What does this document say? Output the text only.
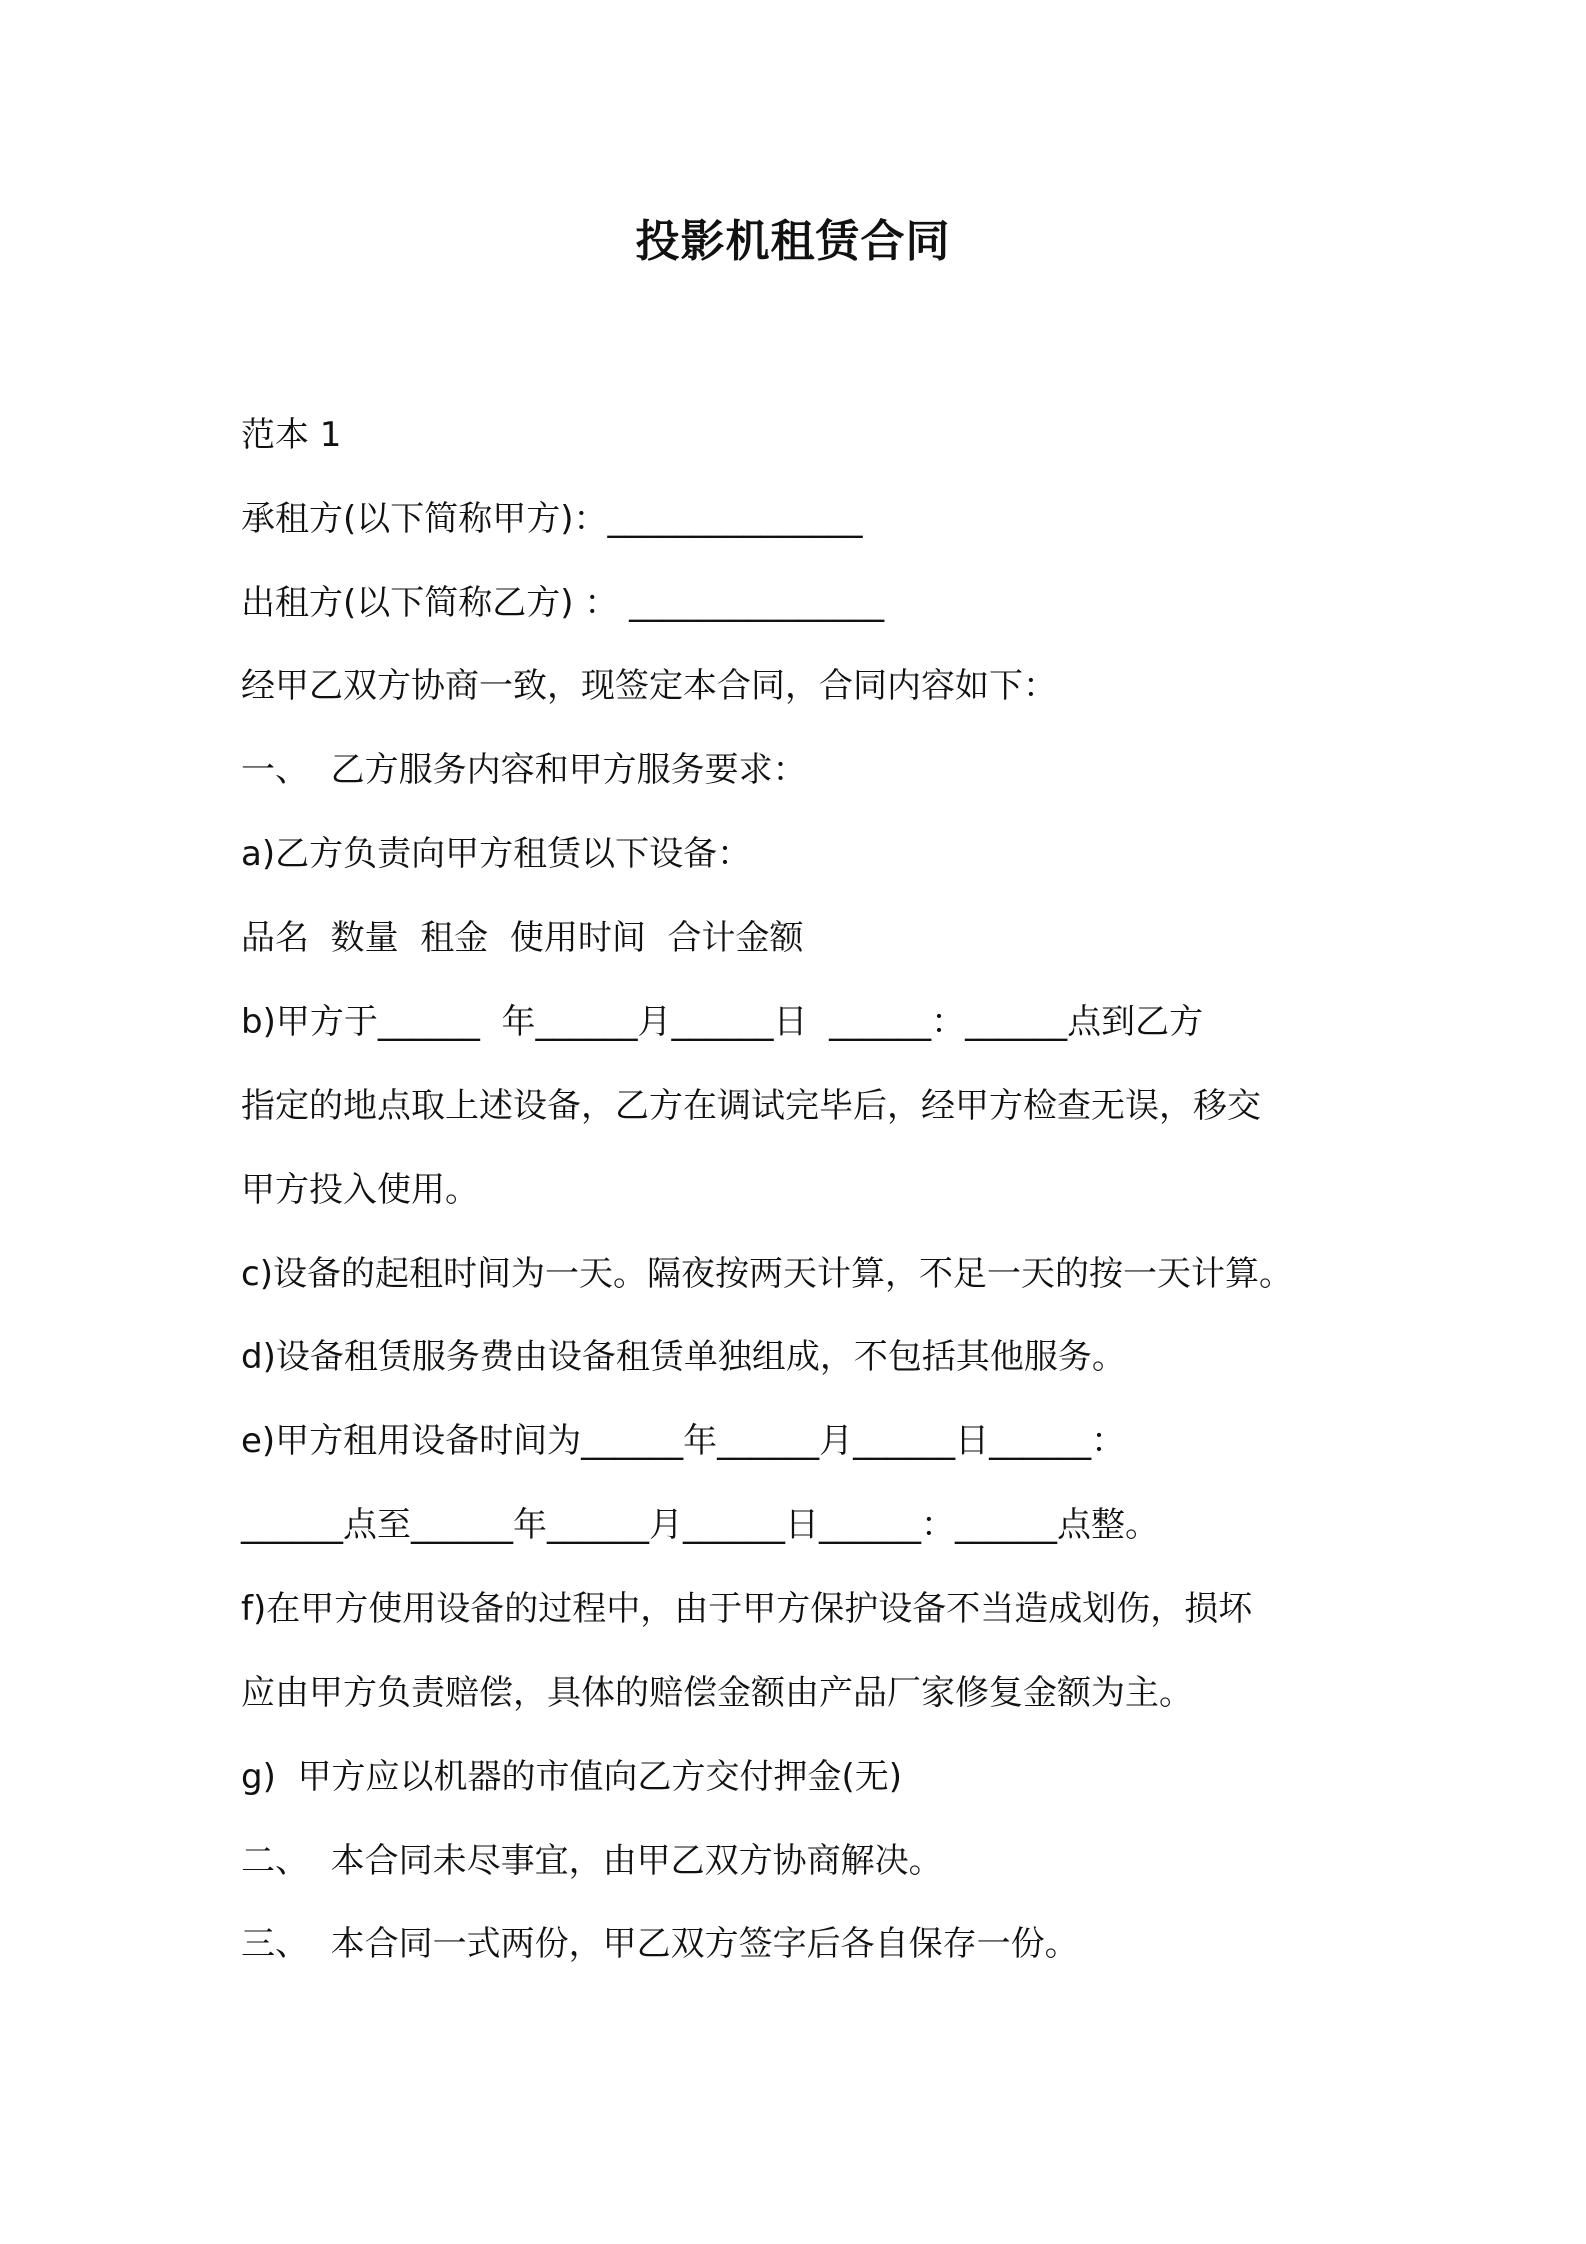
投影机租赁合同
范本 1
承租方(以下简称甲方)：_______________
出租方(以下简称乙方) ： _______________
经甲乙双方协商一致，现签定本合同，合同内容如下：
一、  乙方服务内容和甲方服务要求：
a)乙方负责向甲方租赁以下设备：
品名  数量  租金  使用时间  合计金额
b)甲方于______  年______月______日  ______：______点到乙方
指定的地点取上述设备，乙方在调试完毕后，经甲方检查无误，移交
甲方投入使用。
c)设备的起租时间为一天。隔夜按两天计算，不足一天的按一天计算。
d)设备租赁服务费由设备租赁单独组成，不包括其他服务。
e)甲方租用设备时间为______年______月______日______：
______点至______年______月______日______：______点整。
f)在甲方使用设备的过程中，由于甲方保护设备不当造成划伤，损坏
应由甲方负责赔偿，具体的赔偿金额由产品厂家修复金额为主。
g)  甲方应以机器的市值向乙方交付押金(无)
二、  本合同未尽事宜，由甲乙双方协商解决。
三、  本合同一式两份，甲乙双方签字后各自保存一份。
